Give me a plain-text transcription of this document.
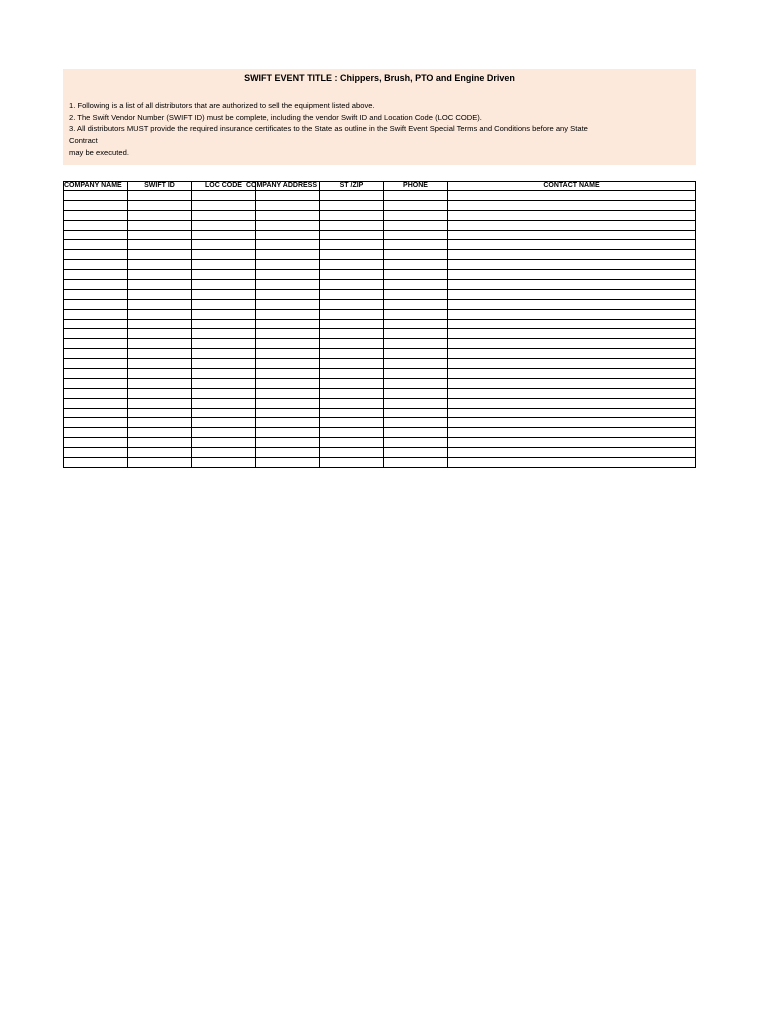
SWIFT EVENT TITLE : Chippers, Brush, PTO and Engine Driven
1. Following is a list of all distributors that are authorized to sell the equipment listed above.
2. The Swift Vendor Number (SWIFT ID) must be complete, including the vendor Swift ID and Location Code (LOC CODE).
3. All distributors MUST provide the required insurance certificates to the State as outline in the Swift Event Special Terms and Conditions before any State
Contract
may be executed.
COMPANY NAME	SWIFT ID	LOC CODE	COMPANY ADDRESS	ST /ZIP	PHONE	CONTACT NAME
